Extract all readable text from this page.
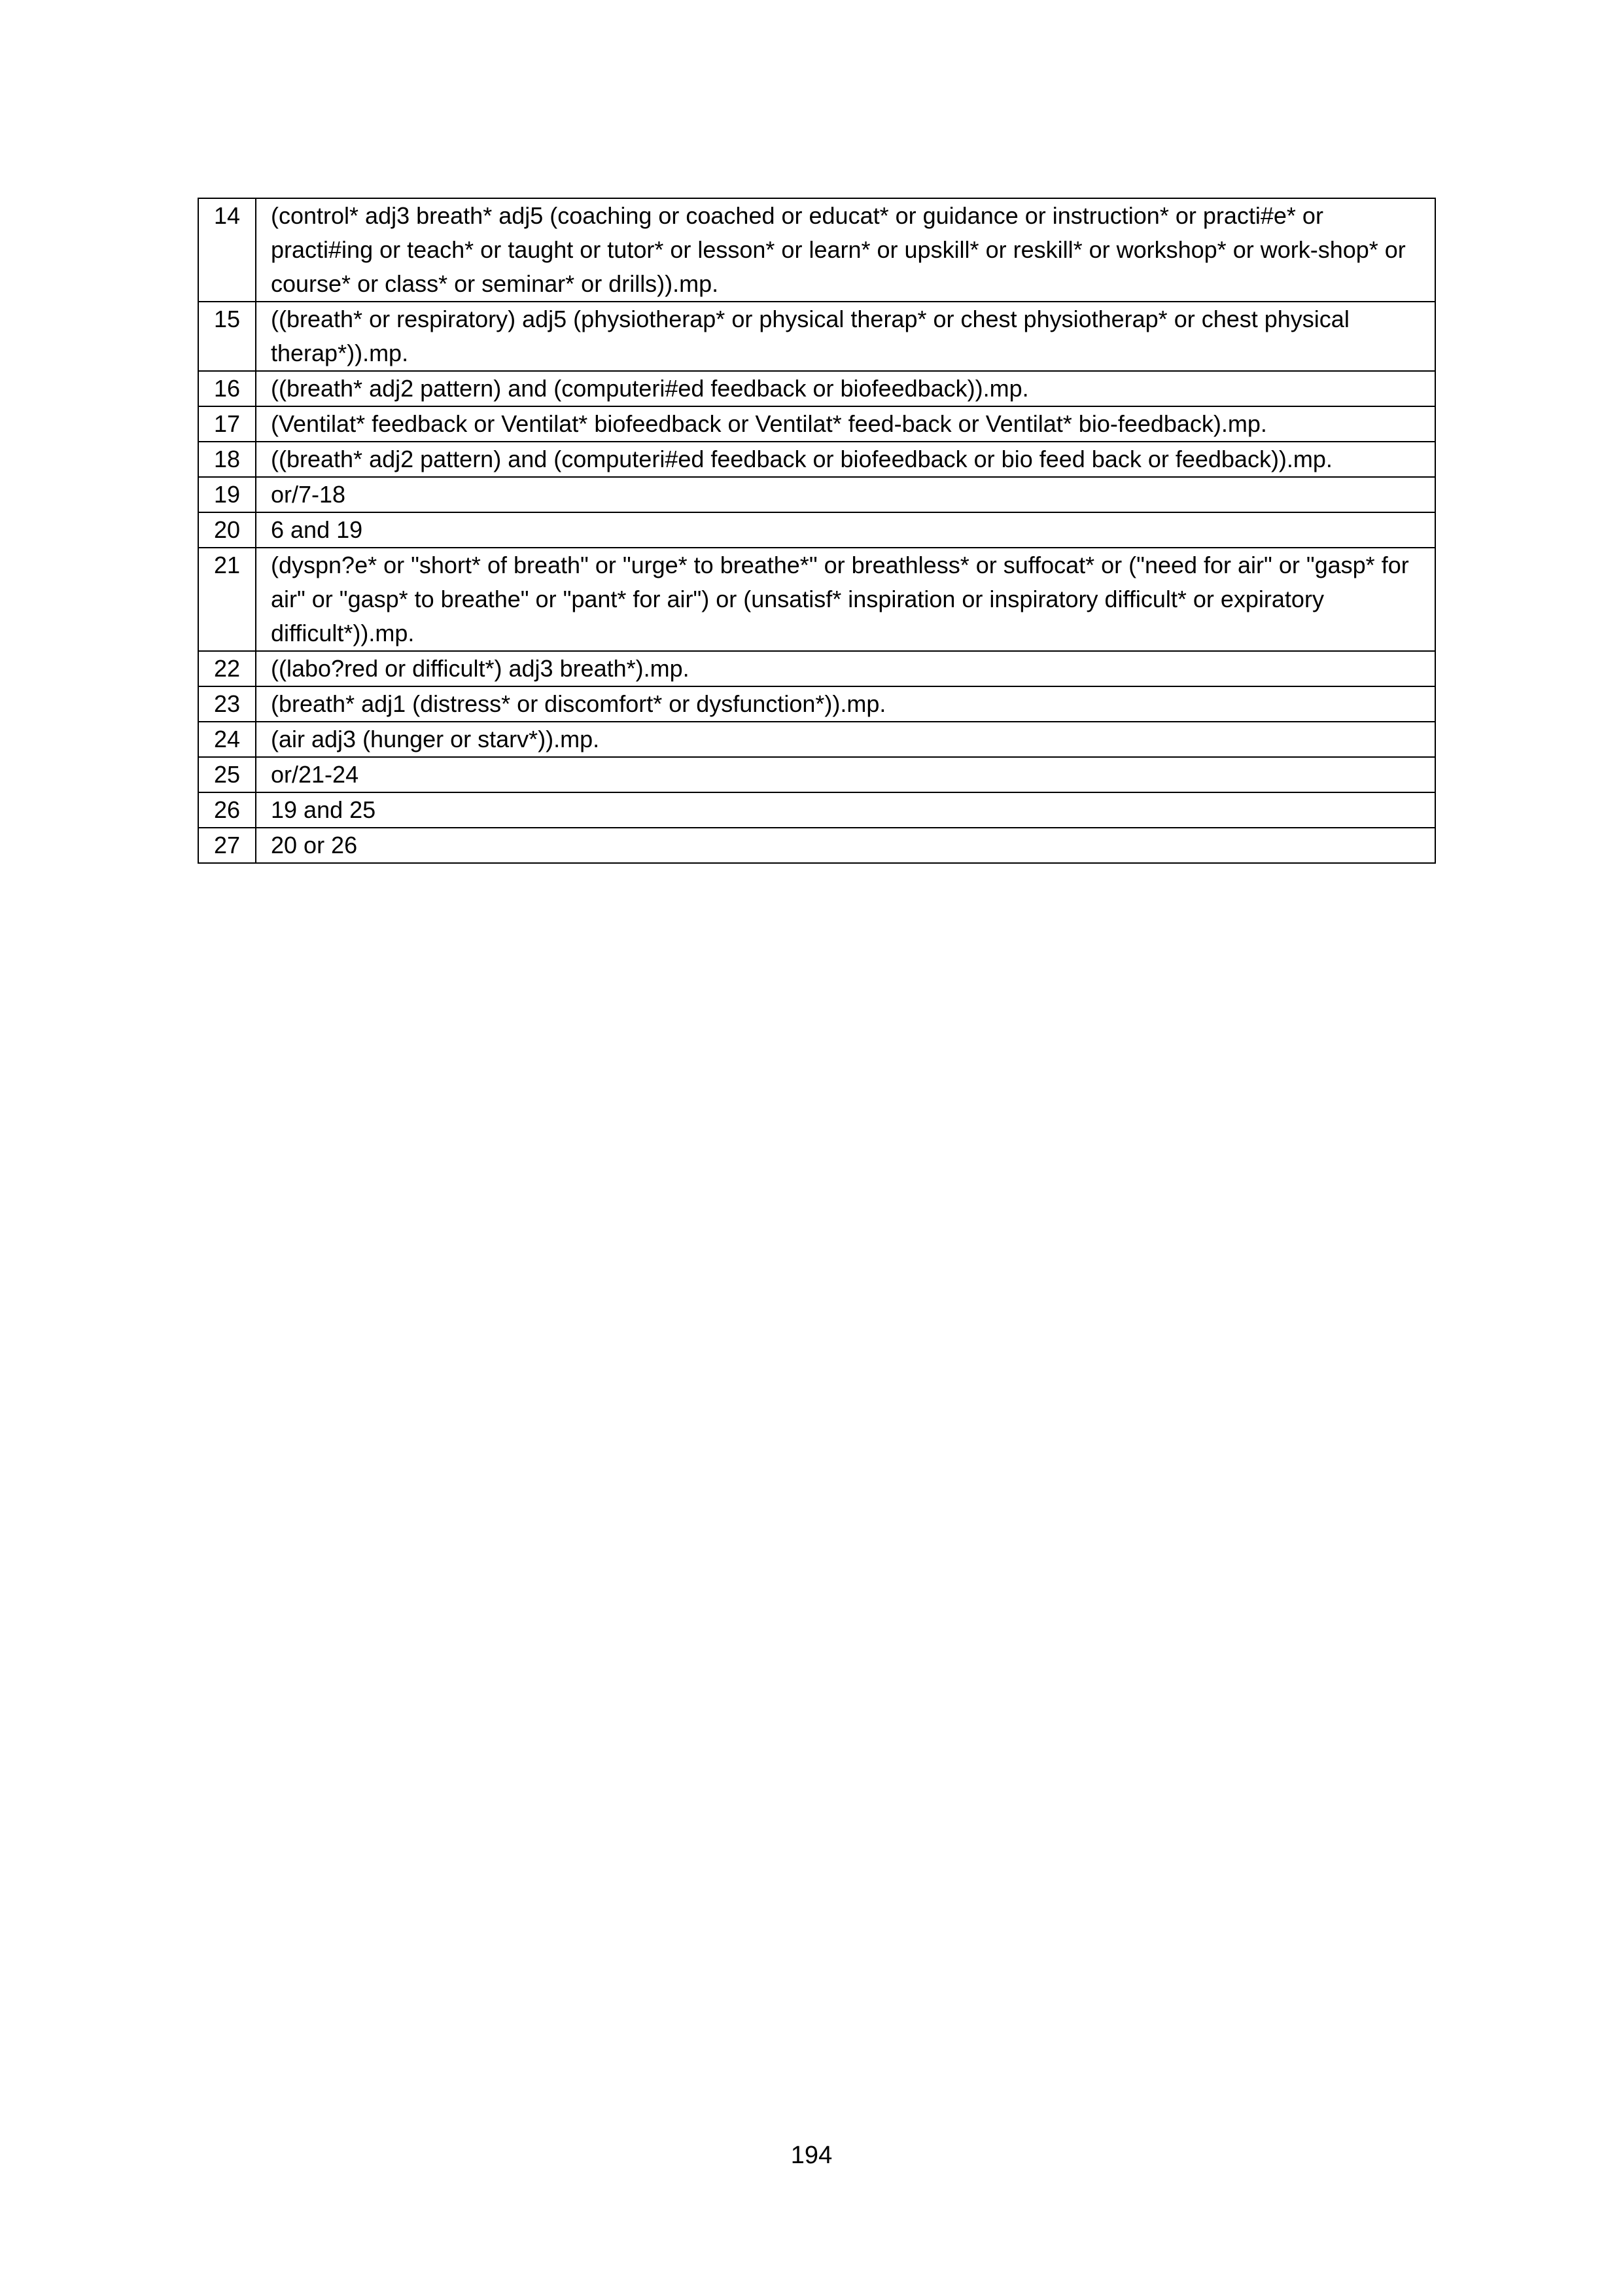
14	(control* adj3 breath* adj5 (coaching or coached or educat* or guidance or instruction* or practi#e* or practi#ing or teach* or taught or tutor* or lesson* or learn* or upskill* or reskill* or workshop* or work-shop* or course* or class* or seminar* or drills)).mp.
15	((breath* or respiratory) adj5 (physiotherap* or physical therap* or chest physiotherap* or chest physical therap*)).mp.
16	((breath* adj2 pattern) and (computeri#ed feedback or biofeedback)).mp.
17	(Ventilat* feedback or Ventilat* biofeedback or Ventilat* feed-back or Ventilat* bio-feedback).mp.
18	((breath* adj2 pattern) and (computeri#ed feedback or biofeedback or bio feed back or feedback)).mp.
19	or/7-18
20	6 and 19
21	(dyspn?e* or "short* of breath" or "urge* to breathe*" or breathless* or suffocat* or ("need for air" or "gasp* for air" or "gasp* to breathe" or "pant* for air") or (unsatisf* inspiration or inspiratory difficult* or expiratory difficult*)).mp.
22	((labo?red or difficult*) adj3 breath*).mp.
23	(breath* adj1 (distress* or discomfort* or dysfunction*)).mp.
24	(air adj3 (hunger or starv*)).mp.
25	or/21-24
26	19 and 25
27	20 or 26
194
